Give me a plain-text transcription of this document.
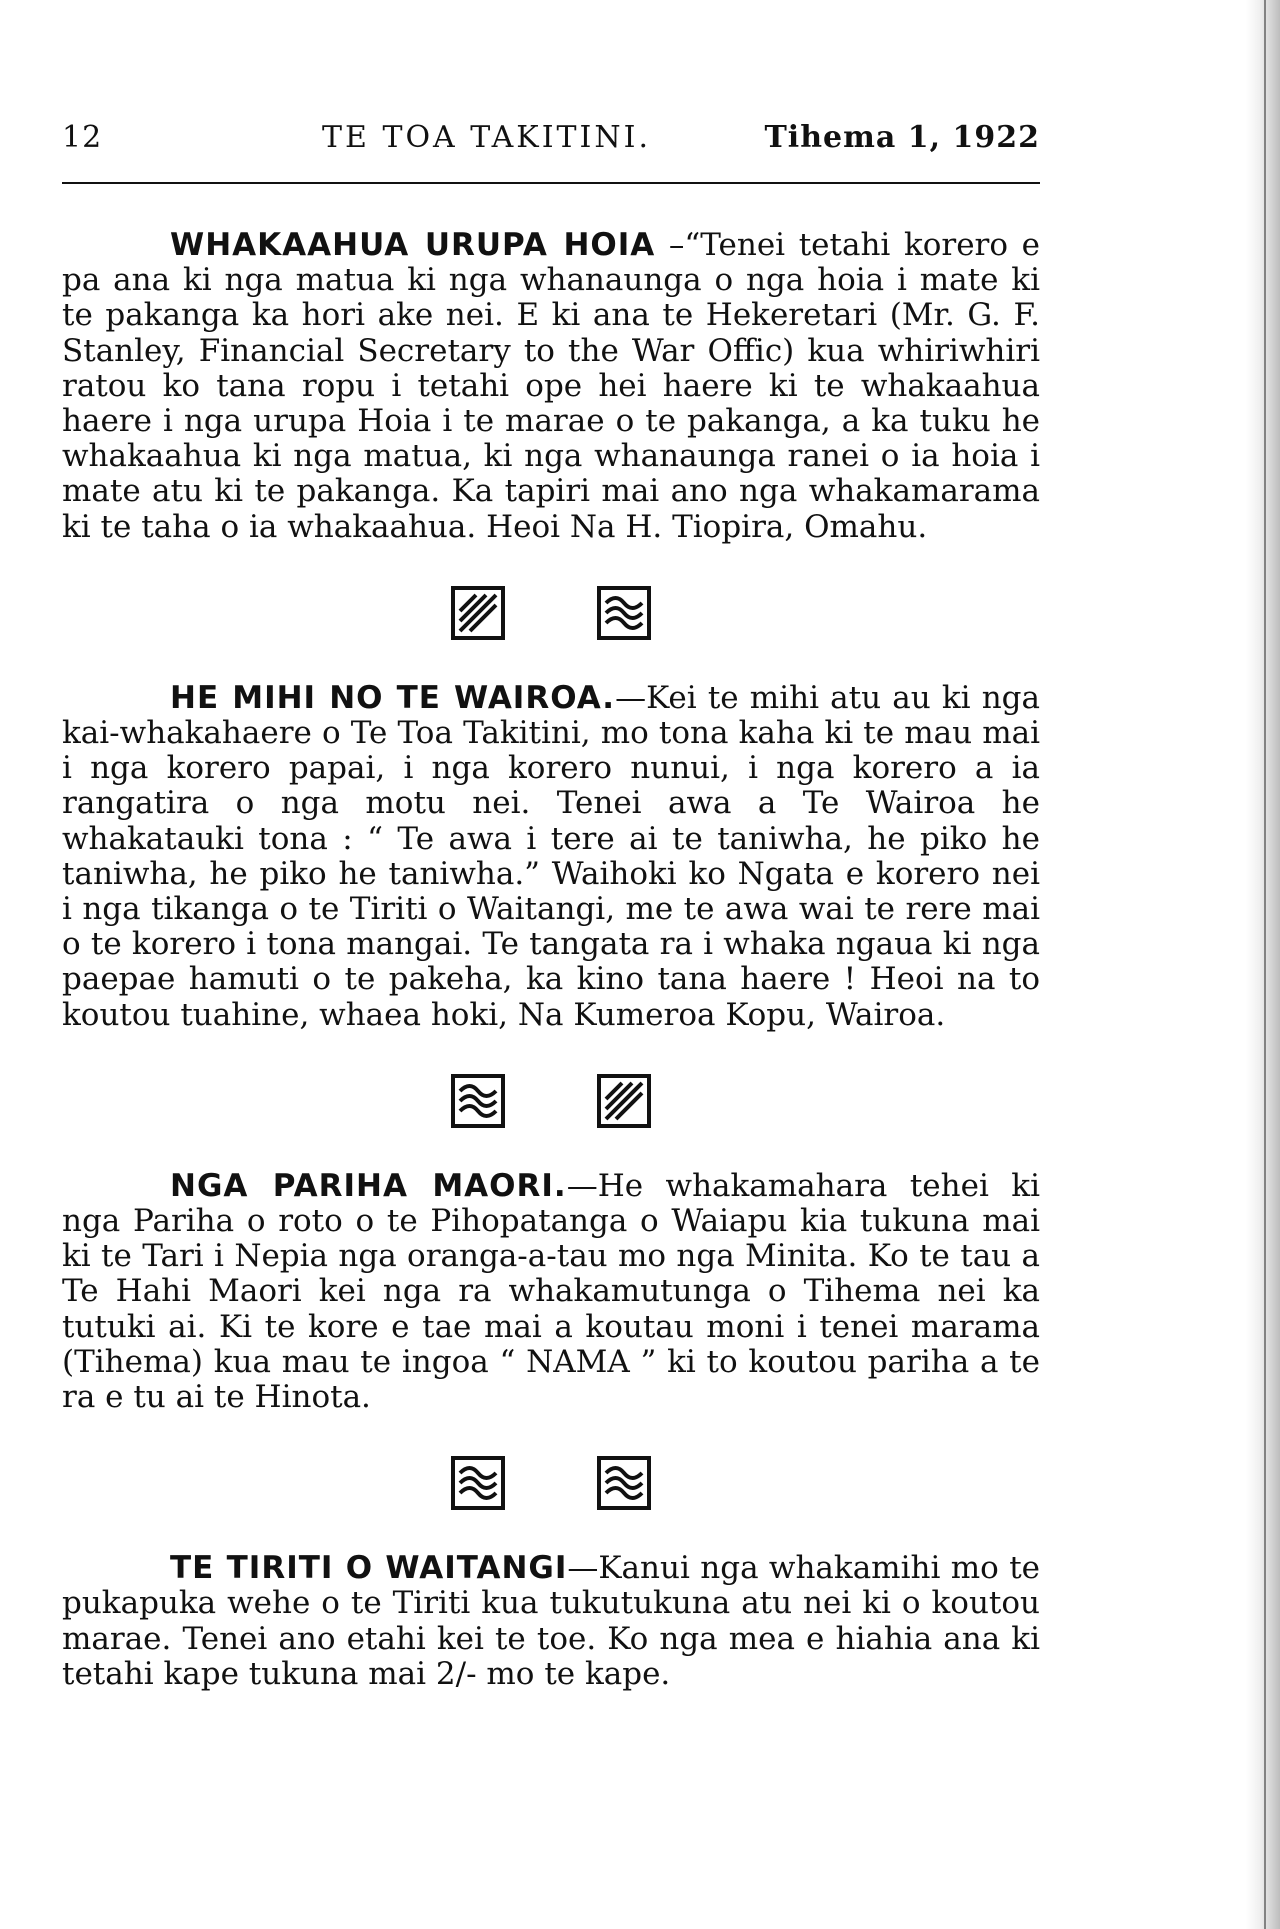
12	TE TOA TAKITINI.	Tihema 1, 1922

WHAKAAHUA URUPA HOIA –“Tenei tetahi korero e pa ana ki nga matua ki nga whanaunga o nga hoia i mate ki te pakanga ka hori ake nei. E ki ana te Hekeretari (Mr. G. F. Stanley, Financial Secretary to the War Offic) kua whiriwhiri ratou ko tana ropu i tetahi ope hei haere ki te whakaahua haere i nga urupa Hoia i te marae o te pakanga, a ka tuku he whakaahua ki nga matua, ki nga whanaunga ranei o ia hoia i mate atu ki te pakanga. Ka tapiri mai ano nga whakamarama ki te taha o ia whakaahua. Heoi Na H. Tiopira, Omahu.

HE MIHI NO TE WAIROA.—Kei te mihi atu au ki nga kai-whakahaere o Te Toa Takitini, mo tona kaha ki te mau mai i nga korero papai, i nga korero nunui, i nga korero a ia rangatira o nga motu nei. Tenei awa a Te Wairoa he whakatauki tona : “ Te awa i tere ai te taniwha, he piko he taniwha, he piko he taniwha.” Waihoki ko Ngata e korero nei i nga tikanga o te Tiriti o Waitangi, me te awa wai te rere mai o te korero i tona mangai. Te tangata ra i whaka ngaua ki nga paepae hamuti o te pakeha, ka kino tana haere ! Heoi na to koutou tuahine, whaea hoki, Na Kumeroa Kopu, Wairoa.

NGA PARIHA MAORI.—He whakamahara tehei ki nga Pariha o roto o te Pihopatanga o Waiapu kia tukuna mai ki te Tari i Nepia nga oranga-a-tau mo nga Minita. Ko te tau a Te Hahi Maori kei nga ra whakamutunga o Tihema nei ka tutuki ai. Ki te kore e tae mai a koutau moni i tenei marama (Tihema) kua mau te ingoa “ NAMA ” ki to koutou pariha a te ra e tu ai te Hinota.

TE TIRITI O WAITANGI—Kanui nga whakamihi mo te pukapuka wehe o te Tiriti kua tukutukuna atu nei ki o koutou marae. Tenei ano etahi kei te toe. Ko nga mea e hiahia ana ki tetahi kape tukuna mai 2/- mo te kape.
